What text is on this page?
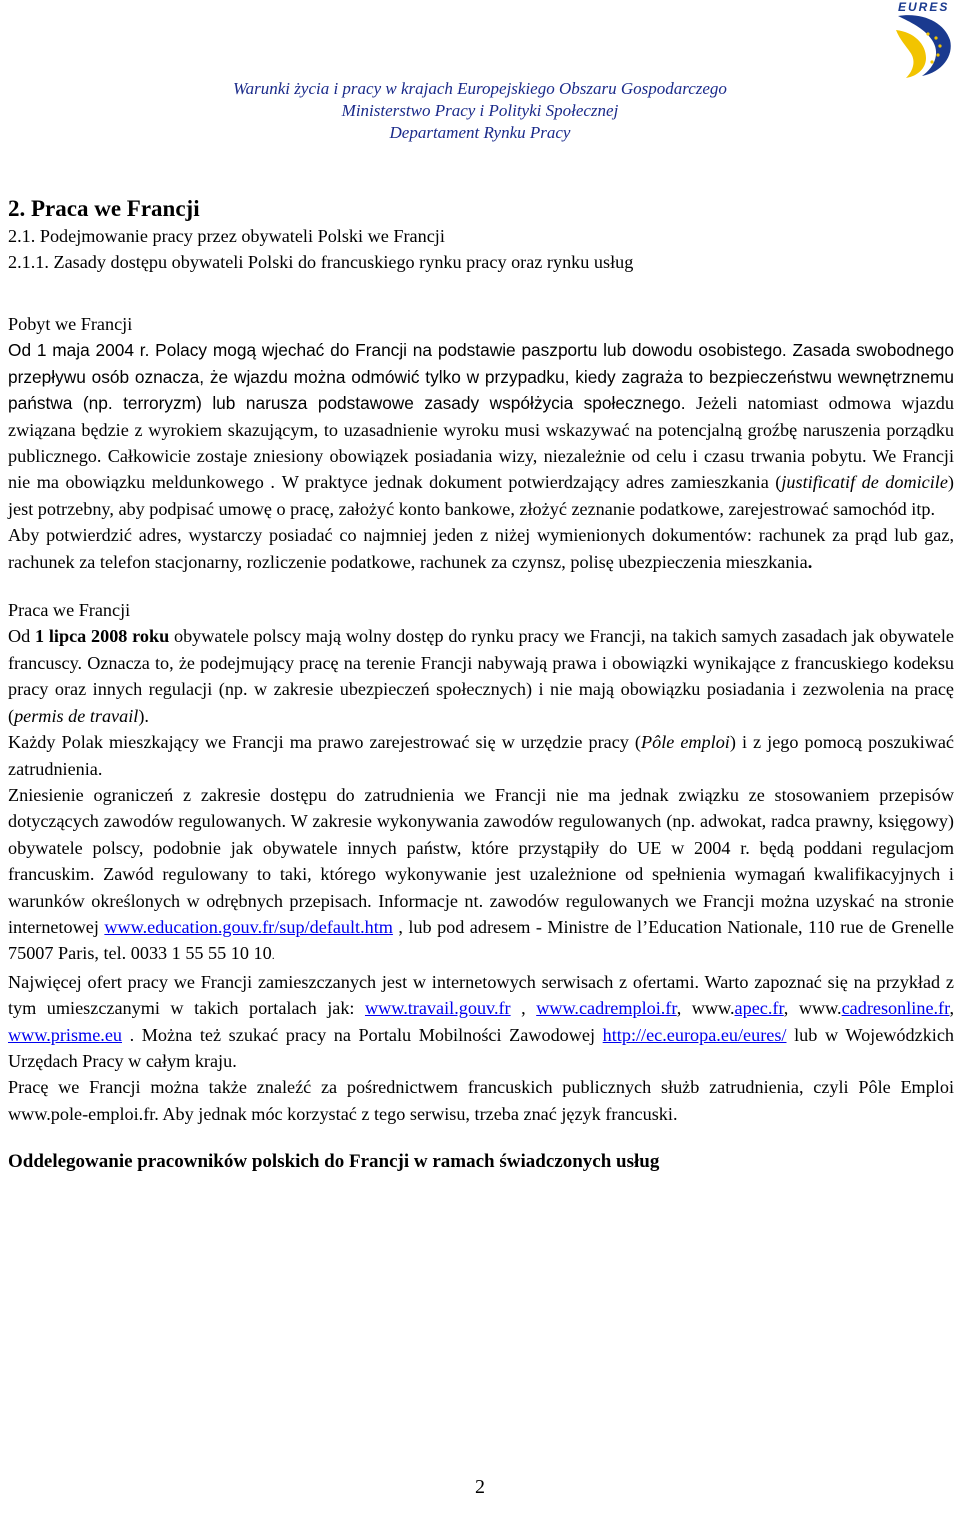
EURES
Warunki życia i pracy w krajach Europejskiego Obszaru Gospodarczego
Ministerstwo Pracy i Polityki Społecznej
Departament Rynku Pracy
2. Praca we Francji
2.1. Podejmowanie pracy przez obywateli Polski we Francji
2.1.1. Zasady dostępu obywateli Polski do francuskiego rynku pracy oraz rynku usług
Pobyt we Francji
Od 1 maja 2004 r. Polacy mogą wjechać do Francji na podstawie paszportu lub dowodu osobistego. Zasada swobodnego przepływu osób oznacza, że wjazdu można odmówić tylko w przypadku, kiedy zagraża to bezpieczeństwu wewnętrznemu państwa (np. terroryzm) lub narusza podstawowe zasady współżycia społecznego. Jeżeli natomiast odmowa wjazdu związana będzie z wyrokiem skazującym, to uzasadnienie wyroku musi wskazywać na potencjalną groźbę naruszenia porządku publicznego. Całkowicie zostaje zniesiony obowiązek posiadania wizy, niezależnie od celu i czasu trwania pobytu. We Francji nie ma obowiązku meldunkowego . W praktyce jednak dokument potwierdzający adres zamieszkania (justificatif de domicile) jest potrzebny, aby podpisać umowę o pracę, założyć konto bankowe, złożyć zeznanie podatkowe, zarejestrować samochód itp.
Aby potwierdzić adres, wystarczy posiadać co najmniej jeden z niżej wymienionych dokumentów: rachunek za prąd lub gaz, rachunek za telefon stacjonarny, rozliczenie podatkowe, rachunek za czynsz, polisę ubezpieczenia mieszkania.
Praca we Francji
Od 1 lipca 2008 roku obywatele polscy mają wolny dostęp do rynku pracy we Francji, na takich samych zasadach jak obywatele francuscy. Oznacza to, że podejmujący pracę na terenie Francji nabywają prawa i obowiązki wynikające z francuskiego kodeksu pracy oraz innych regulacji (np. w zakresie ubezpieczeń społecznych) i nie mają obowiązku posiadania i zezwolenia na pracę (permis de travail).
Każdy Polak mieszkający we Francji ma prawo zarejestrować się w urzędzie pracy (Pôle emploi) i z jego pomocą poszukiwać zatrudnienia.
Zniesienie ograniczeń z zakresie dostępu do zatrudnienia we Francji nie ma jednak związku ze stosowaniem przepisów dotyczących zawodów regulowanych. W zakresie wykonywania zawodów regulowanych (np. adwokat, radca prawny, księgowy) obywatele polscy, podobnie jak obywatele innych państw, które przystąpiły do UE w 2004 r. będą poddani regulacjom francuskim. Zawód regulowany to taki, którego wykonywanie jest uzależnione od spełnienia wymagań kwalifikacyjnych i warunków określonych w odrębnych przepisach. Informacje nt. zawodów regulowanych we Francji można uzyskać na stronie internetowej www.education.gouv.fr/sup/default.htm , lub pod adresem - Ministre de l’Education Nationale, 110 rue de Grenelle 75007 Paris, tel. 0033 1 55 55 10 10.
Najwięcej ofert pracy we Francji zamieszczanych jest w internetowych serwisach z ofertami. Warto zapoznać się na przykład z tym umieszczanymi w takich portalach jak: www.travail.gouv.fr , www.cadremploi.fr, www.apec.fr, www.cadresonline.fr, www.prisme.eu . Można też szukać pracy na Portalu Mobilności Zawodowej http://ec.europa.eu/eures/ lub w Wojewódzkich Urzędach Pracy w całym kraju.
Pracę we Francji można także znaleźć za pośrednictwem francuskich publicznych służb zatrudnienia, czyli Pôle Emploi www.pole-emploi.fr. Aby jednak móc korzystać z tego serwisu, trzeba znać język francuski.
Oddelegowanie pracowników polskich do Francji w ramach świadczonych usług
2
